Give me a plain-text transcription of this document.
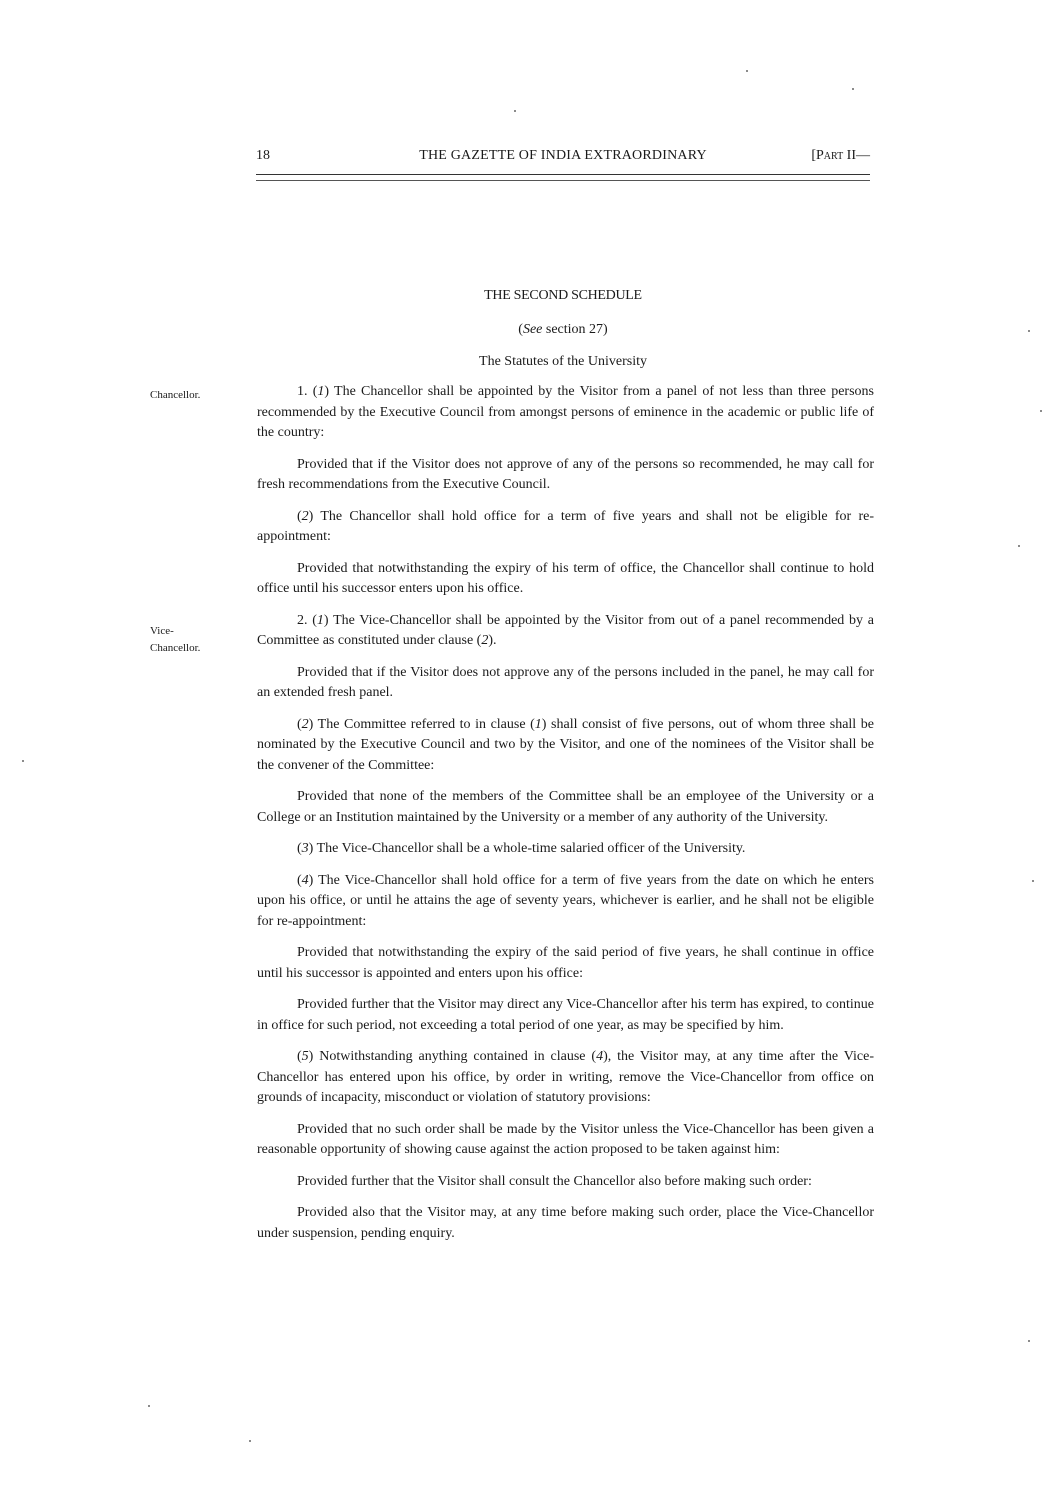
18	THE GAZETTE OF INDIA EXTRAORDINARY	[Part II—
THE SECOND SCHEDULE
(See section 27)
The Statutes of the University
Chancellor.
Vice-Chancellor.

1. (1) The Chancellor shall be appointed by the Visitor from a panel of not less than three persons recommended by the Executive Council from amongst persons of eminence in the academic or public life of the country:

Provided that if the Visitor does not approve of any of the persons so recommended, he may call for fresh recommendations from the Executive Council.

(2) The Chancellor shall hold office for a term of five years and shall not be eligible for re-appointment:

Provided that notwithstanding the expiry of his term of office, the Chancellor shall continue to hold office until his successor enters upon his office.

2. (1) The Vice-Chancellor shall be appointed by the Visitor from out of a panel recommended by a Committee as constituted under clause (2).

Provided that if the Visitor does not approve any of the persons included in the panel, he may call for an extended fresh panel.

(2) The Committee referred to in clause (1) shall consist of five persons, out of whom three shall be nominated by the Executive Council and two by the Visitor, and one of the nominees of the Visitor shall be the convener of the Committee:

Provided that none of the members of the Committee shall be an employee of the University or a College or an Institution maintained by the University or a member of any authority of the University.

(3) The Vice-Chancellor shall be a whole-time salaried officer of the University.

(4) The Vice-Chancellor shall hold office for a term of five years from the date on which he enters upon his office, or until he attains the age of seventy years, whichever is earlier, and he shall not be eligible for re-appointment:

Provided that notwithstanding the expiry of the said period of five years, he shall continue in office until his successor is appointed and enters upon his office:

Provided further that the Visitor may direct any Vice-Chancellor after his term has expired, to continue in office for such period, not exceeding a total period of one year, as may be specified by him.

(5) Notwithstanding anything contained in clause (4), the Visitor may, at any time after the Vice-Chancellor has entered upon his office, by order in writing, remove the Vice-Chancellor from office on grounds of incapacity, misconduct or violation of statutory provisions:

Provided that no such order shall be made by the Visitor unless the Vice-Chancellor has been given a reasonable opportunity of showing cause against the action proposed to be taken against him:

Provided further that the Visitor shall consult the Chancellor also before making such order:

Provided also that the Visitor may, at any time before making such order, place the Vice-Chancellor under suspension, pending enquiry.
